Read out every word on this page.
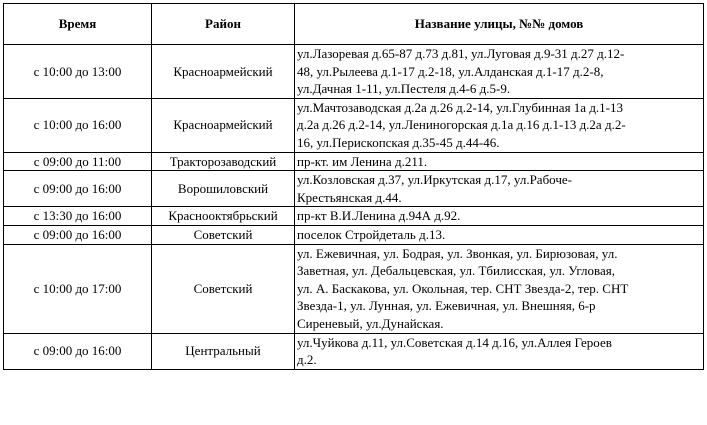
Время	Район	Название улицы, №№ домов
с 10:00 до 13:00	Красноармейский	ул.Лазоревая д.65-87 д.73 д.81, ул.Луговая д.9-31 д.27 д.12-
48, ул.Рылеева д.1-17 д.2-18, ул.Алданская д.1-17 д.2-8,
ул.Дачная 1-11, ул.Пестеля д.4-6 д.5-9.

с 10:00 до 16:00	Красноармейский	ул.Мачтозаводская д.2а д.26 д.2-14, ул.Глубинная 1а д.1-13
д.2а д.26 д.2-14, ул.Лениногорская д.1а д.16 д.1-13 д.2а д.2-
16, ул.Перископская д.35-45 д.44-46.

с 09:00 до 11:00	Тракторозаводский	пр-кт. им Ленина д.211.

с 09:00 до 16:00	Ворошиловский	ул.Козловская д.37, ул.Иркутская д.17, ул.Рабоче-
Крестьянская д.44.

с 13:30 до 16:00	Краснооктябрьский	пр-кт В.И.Ленина д.94А д.92.

с 09:00 до 16:00	Советский	поселок Стройдеталь д.13.

с 10:00 до 17:00	Советский	ул. Ежевичная, ул. Бодрая, ул. Звонкая, ул. Бирюзовая, ул.
Заветная, ул. Дебальцевская, ул. Тбилисская, ул. Угловая,
ул. А. Баскакова, ул. Окольная, тер. СНТ Звезда-2, тер. СНТ
Звезда-1, ул. Лунная, ул. Ежевичная, ул. Внешняя, 6-р
Сиреневый, ул.Дунайская.

с 09:00 до 16:00	Центральный	ул.Чуйкова д.11, ул.Советская д.14 д.16, ул.Аллея Героев
д.2.
